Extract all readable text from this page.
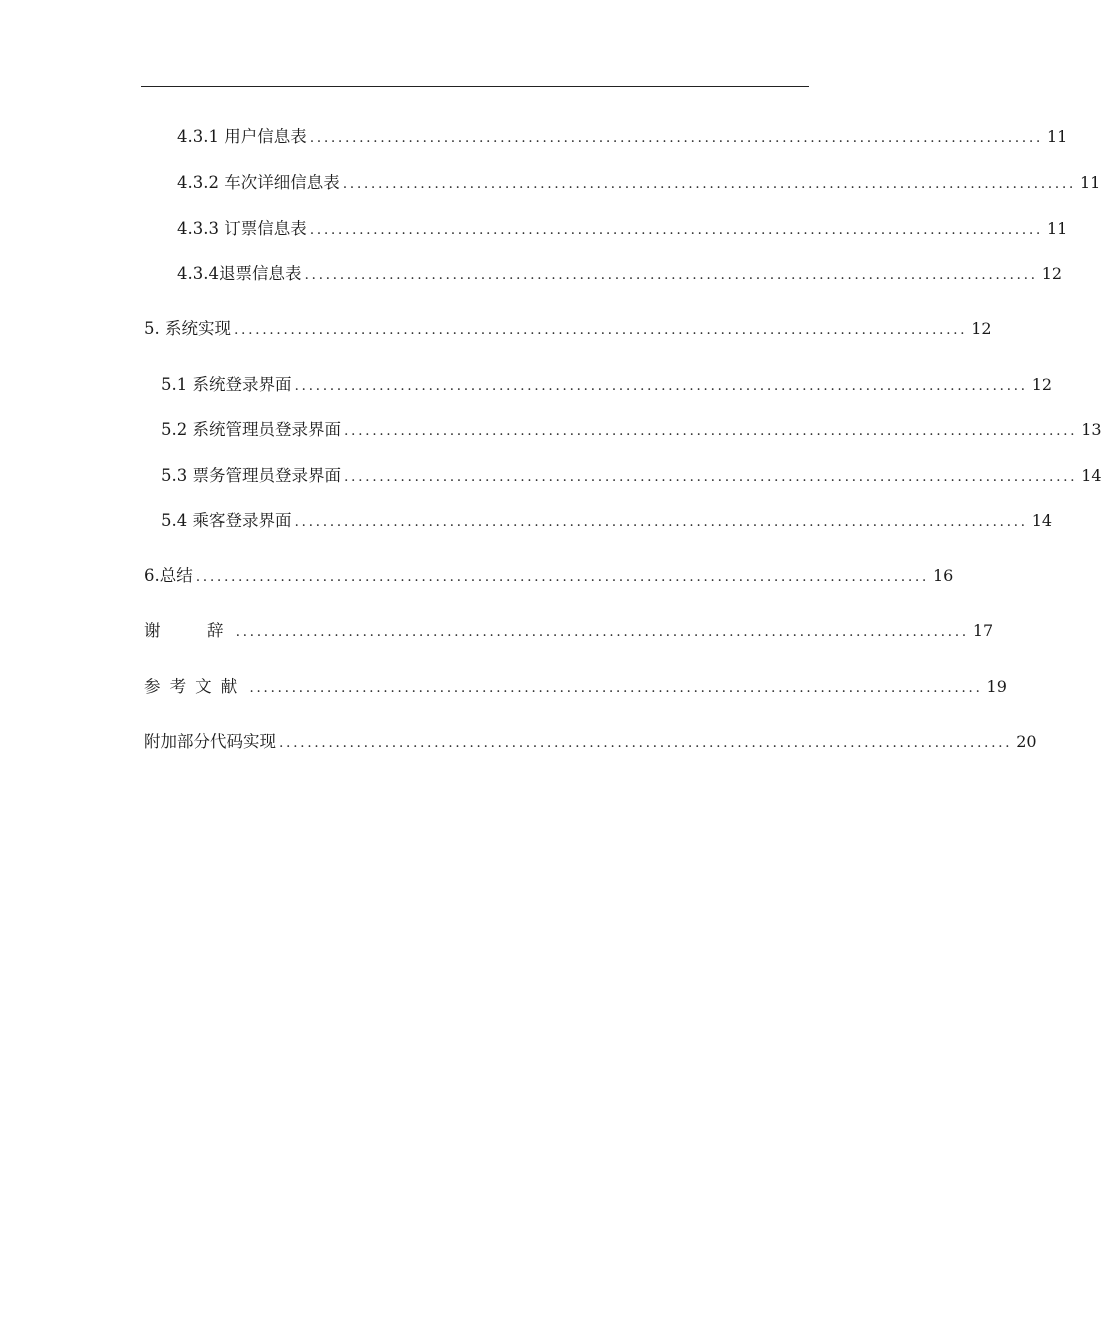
4.3.1 用户信息表 ........................................................................................................ 11
4.3.2 车次详细信息表 ........................................................................................................ 11
4.3.3 订票信息表 ........................................................................................................ 11
4.3.4退票信息表 ........................................................................................................ 12
5. 系统实现 ........................................................................................................ 12
5.1 系统登录界面 ........................................................................................................ 12
5.2 系统管理员登录界面 ........................................................................................................ 13
5.3 票务管理员登录界面 ........................................................................................................ 14
5.4 乘客登录界面 ........................................................................................................ 14
6.总结 ........................................................................................................ 16
谢 辞 ........................................................................................................ 17
参考文献 ........................................................................................................ 19
附加部分代码实现 ........................................................................................................ 20
